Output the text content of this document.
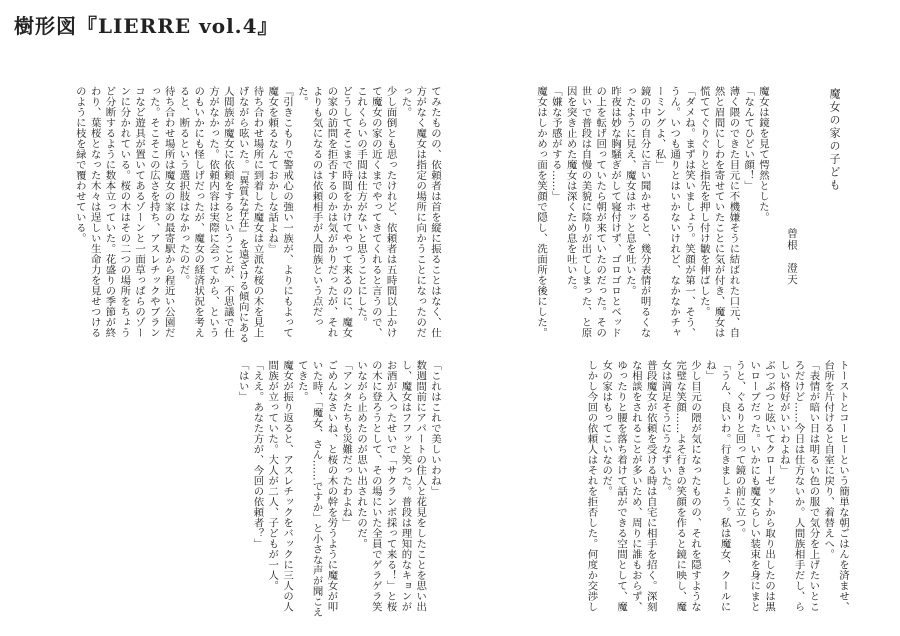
樹形図『LIERRE vol.4』
魔女の家の子ども
曾根　澄天

魔女は鏡を見て愕然とした。

「なんてひどい顔！」

薄く隈のできた目元に不機嫌そうに結ばれた口元、自然と眉間にしわを寄せていたことに気が付き、魔女は慌ててぐりぐりと指先を押し付け皺を伸ばした。

「ダメね。まずは笑いましょう。笑顔が第一、そう、うん。いつも通りとはいかないけれど、なかなかチャーミングよ、私」

鏡の中の自分に言い聞かせると、幾分表情が明るくなったように見え、魔女はホッと息を吐いた。

昨夜は妙な胸騒ぎがして寝付けず、ゴロゴロとベッドの上を転げ回っていたら朝が来ていたのだった。その世いで普段は自慢の美貌に陰りが出てしまった、と原因を突き止めた魔女は深くため息を吐いた。

「嫌な予感がする……」

魔女はしかめっ面を笑顔で隠し、洗面所を後にした。

トーストとコーヒーという簡単な朝ごはんを済ませ、台所を片付けると自室に戻り、着替えへ。

「表情が暗い日は明るい色の服で気分を上げたいところだけど……今日は仕方ないか。人間族相手だし、らしい格好がいいわよね」

ぶつぶつと呟いてクローゼットから取り出したのは黒いローブだった。いかにも魔女らしい装束を身にまとうと、ぐるりと回って鏡の前に立つ。

「うん、良いわ。行きましょう。私は魔女、クールにね」

少し目元の隈が気になったものの、それを隠すような完璧な笑顔……よそ行きの笑顔を作ると鏡に映し、魔女は満足そうにうなずいた。

普段魔女が依頼を受ける時は自宅に相手を招く。深刻な相談をされることが多いため、周りに誰もおらず、ゆったりと腰を落ち着けて話ができる空間として、魔女の家はもってこいなのだ。

しかし今回の依頼人はそれを拒否した。何度か交渉し

てみたものの、依頼者は首を縦に振ることはなく、仕方がなく魔女は指定の場所に向かうことになったのだった。

少し面倒とも思ったけれど、依頼者は五時間以上かけて魔女の家の近くまでやってきてくれると言うので、これくらいの手間は仕方がないと思うことにした。

どうしてそこまで時間をかけてやって来るのに、魔女の家の訪問を拒否するのかは気がかりだったが、それよりも気になるのは依頼相手が人間族という点だった。

『引きこもりで警戒心の強い一族が、よりにもよって魔女を頼るなんておかしな話よね』

待ち合わせ場所に到着した魔女は立派な桜の木を見上げながら呟いた。『異質な存在』を遠ざける傾向にある人間族が魔女に依頼をするということが、不思議で仕方がなかった。依頼内容は実際に会ってから、というのもいかにも怪しげだったが、魔女の経済状況を考えると、断るという選択肢はなかったのだ。

待ち合わせ場所は魔女の家の最寄駅から程近い公園だった。そこそこの広さを持ち、アスレチックやブランコなど遊具が置いてあるゾーンと一面草っぱらのゾーンに分かれている。桜の木はその二つの場所をちょうど分断するように数本立っていた。花盛りの季節が終わり、葉桜となった木々は逞しい生命力を見せつけるのように枝を緑で覆わせている。

「これはこれで美しいわね」

数週間前にアパートの住人と花見をしたことを思い出し、魔女はフフッと笑った。普段は理知的なキョンがお酒が入ったせいで「サクランボ採って来る！」と桜の木に登ろうとして、その場にいた全員でゲラゲラ笑いながら止めたのが思い出されたのだ。

「アンタたちも災難だったわよね」

ごめんなさいね、と桜の木の幹を労うように魔女が叩いた時、「魔女、さん……ですか」と小さな声が聞こえてきた。

魔女が振り返ると、アスレチックをバックに三人の人間族が立っていた。大人が二人、子どもが一人。

「ええ。あなた方が、今回の依頼者？」

「はい」
